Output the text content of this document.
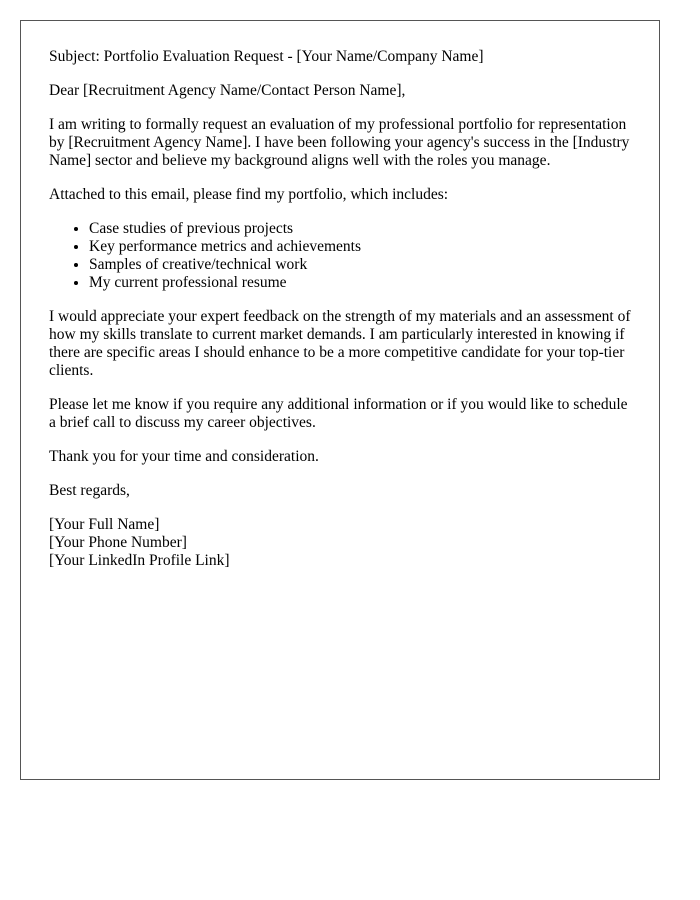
Subject: Portfolio Evaluation Request - [Your Name/Company Name]

Dear [Recruitment Agency Name/Contact Person Name],

I am writing to formally request an evaluation of my professional portfolio for representation by [Recruitment Agency Name]. I have been following your agency's success in the [Industry Name] sector and believe my background aligns well with the roles you manage.

Attached to this email, please find my portfolio, which includes:

• Case studies of previous projects
• Key performance metrics and achievements
• Samples of creative/technical work
• My current professional resume

I would appreciate your expert feedback on the strength of my materials and an assessment of how my skills translate to current market demands. I am particularly interested in knowing if there are specific areas I should enhance to be a more competitive candidate for your top-tier clients.

Please let me know if you require any additional information or if you would like to schedule a brief call to discuss my career objectives.

Thank you for your time and consideration.

Best regards,

[Your Full Name]
[Your Phone Number]
[Your LinkedIn Profile Link]
